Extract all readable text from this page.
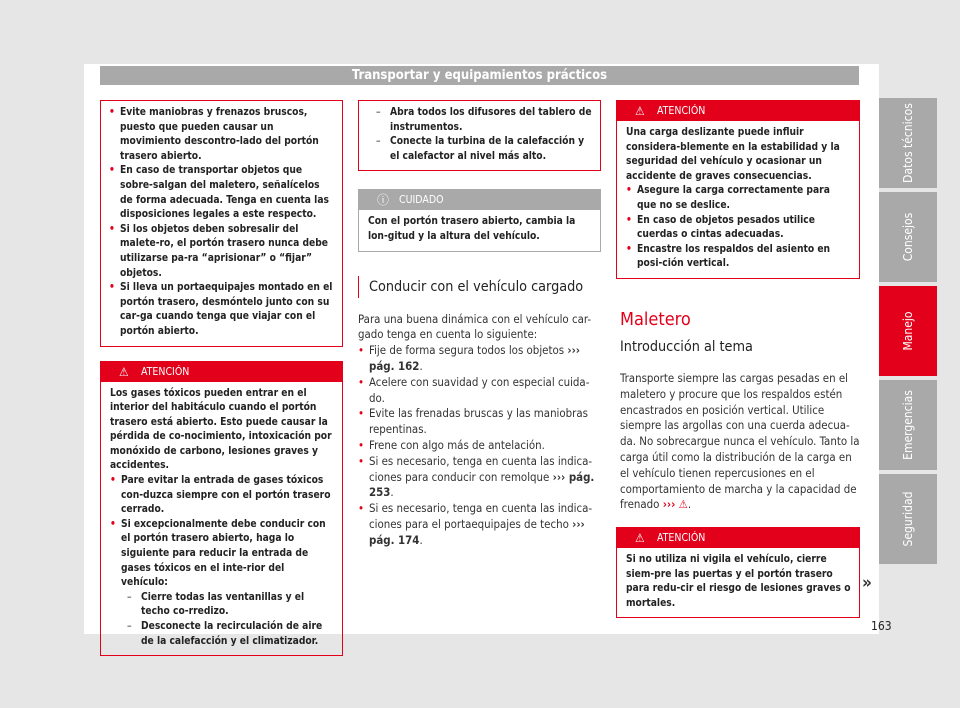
Transportar y equipamientos prácticos
• Evite maniobras y frenazos bruscos, puesto que pueden causar un movimiento descontro-lado del portón trasero abierto.
• En caso de transportar objetos que sobre-salgan del maletero, señalícelos de forma adecuada. Tenga en cuenta las disposiciones legales a este respecto.
• Si los objetos deben sobresalir del malete-ro, el portón trasero nunca debe utilizarse pa-ra “aprisionar” o “fijar” objetos.
• Si lleva un portaequipajes montado en el portón trasero, desmóntelo junto con su car-ga cuando tenga que viajar con el portón abierto.
⚠ ATENCIÓN
Los gases tóxicos pueden entrar en el interior del habitáculo cuando el portón trasero está abierto. Esto puede causar la pérdida de co-nocimiento, intoxicación por monóxido de carbono, lesiones graves y accidentes.
• Pare evitar la entrada de gases tóxicos con-duzca siempre con el portón trasero cerrado.
• Si excepcionalmente debe conducir con el portón trasero abierto, haga lo siguiente para reducir la entrada de gases tóxicos en el inte-rior del vehículo:
– Cierre todas las ventanillas y el techo co-rredizo.
– Desconecte la recirculación de aire de la calefacción y el climatizador.
– Abra todos los difusores del tablero de instrumentos.
– Conecte la turbina de la calefacción y el calefactor al nivel más alto.
ⓘ CUIDADO
Con el portón trasero abierto, cambia la lon-gitud y la altura del vehículo.
Conducir con el vehículo cargado
Para una buena dinámica con el vehículo car-gado tenga en cuenta lo siguiente:
• Fije de forma segura todos los objetos ››› pág. 162.
• Acelere con suavidad y con especial cuida-do.
• Evite las frenadas bruscas y las maniobras repentinas.
• Frene con algo más de antelación.
• Si es necesario, tenga en cuenta las indica-ciones para conducir con remolque ››› pág. 253.
• Si es necesario, tenga en cuenta las indica-ciones para el portaequipajes de techo ››› pág. 174.
⚠ ATENCIÓN
Una carga deslizante puede influir considera-blemente en la estabilidad y la seguridad del vehículo y ocasionar un accidente de graves consecuencias.
• Asegure la carga correctamente para que no se deslice.
• En caso de objetos pesados utilice cuerdas o cintas adecuadas.
• Encastre los respaldos del asiento en posi-ción vertical.
Maletero
Introducción al tema
Transporte siempre las cargas pesadas en el maletero y procure que los respaldos estén encastrados en posición vertical. Utilice siempre las argollas con una cuerda adecua-da. No sobrecargue nunca el vehículo. Tanto la carga útil como la distribución de la carga en el vehículo tienen repercusiones en el comportamiento de marcha y la capacidad de frenado ››› ⚠.
⚠ ATENCIÓN
Si no utiliza ni vigila el vehículo, cierre siem-pre las puertas y el portón trasero para redu-cir el riesgo de lesiones graves o mortales.
»
Datos técnicos
Consejos
Manejo
Emergencias
Seguridad
163
